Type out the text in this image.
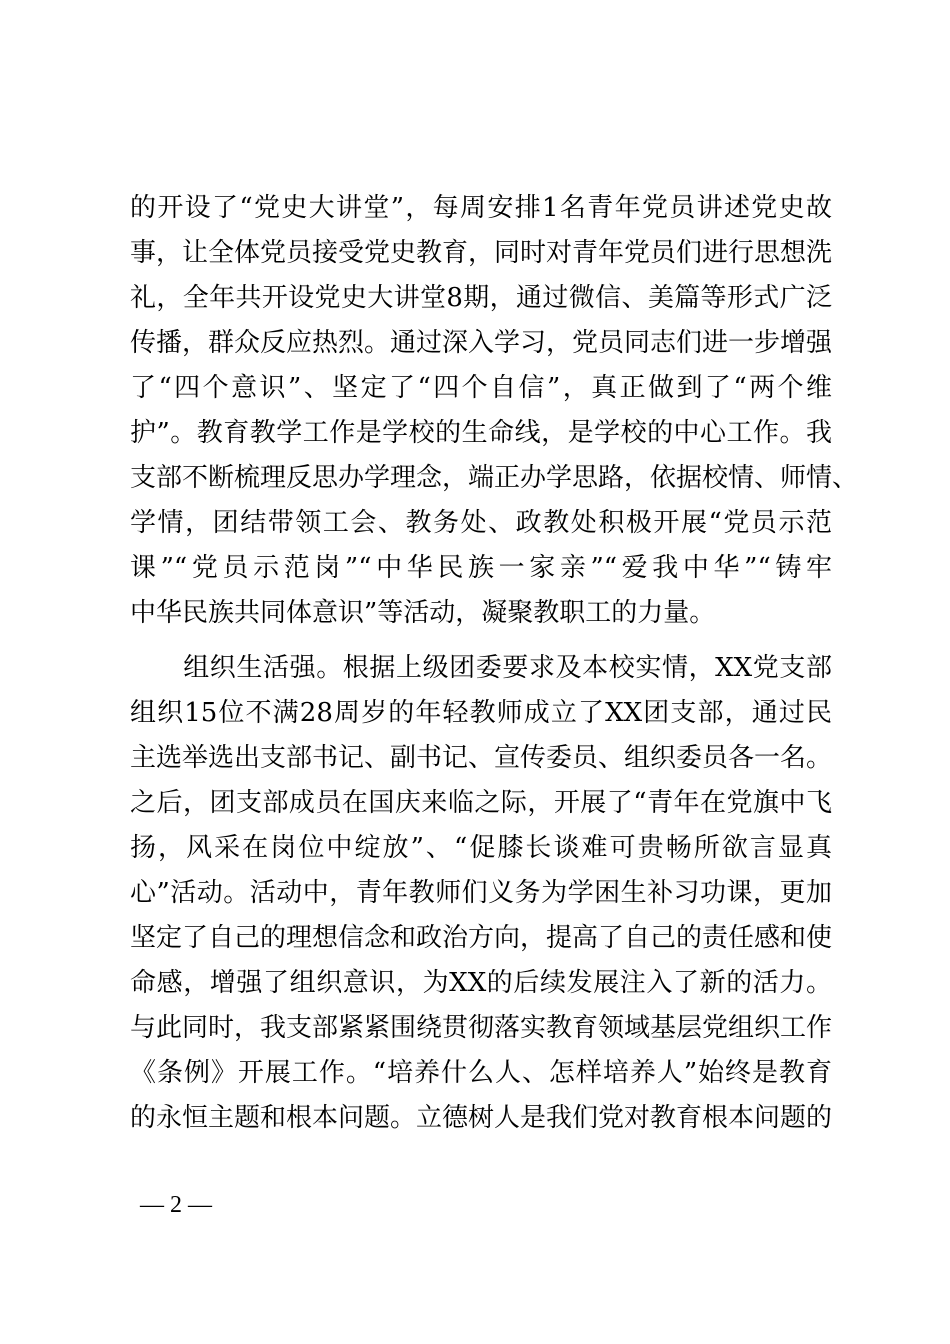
的开设了“党史大讲堂”，每周安排1名青年党员讲述党史故
事，让全体党员接受党史教育，同时对青年党员们进行思想洗
礼，全年共开设党史大讲堂8期，通过微信、美篇等形式广泛
传播，群众反应热烈。通过深入学习，党员同志们进一步增强
了“四个意识”、坚定了“四个自信”，真正做到了“两个维
护”。教育教学工作是学校的生命线，是学校的中心工作。我
支部不断梳理反思办学理念，端正办学思路，依据校情、师情、
学情，团结带领工会、教务处、政教处积极开展“党员示范
课”“党员示范岗”“中华民族一家亲”“爱我中华”“铸牢
中华民族共同体意识”等活动，凝聚教职工的力量。
　　组织生活强。根据上级团委要求及本校实情，XX党支部
组织15位不满28周岁的年轻教师成立了XX团支部，通过民
主选举选出支部书记、副书记、宣传委员、组织委员各一名。
之后，团支部成员在国庆来临之际，开展了“青年在党旗中飞
扬，风采在岗位中绽放”、“促膝长谈难可贵畅所欲言显真
心”活动。活动中，青年教师们义务为学困生补习功课，更加
坚定了自己的理想信念和政治方向，提高了自己的责任感和使
命感，增强了组织意识，为XX的后续发展注入了新的活力。
与此同时，我支部紧紧围绕贯彻落实教育领域基层党组织工作
《条例》开展工作。“培养什么人、怎样培养人”始终是教育
的永恒主题和根本问题。立德树人是我们党对教育根本问题的
— 2 —
